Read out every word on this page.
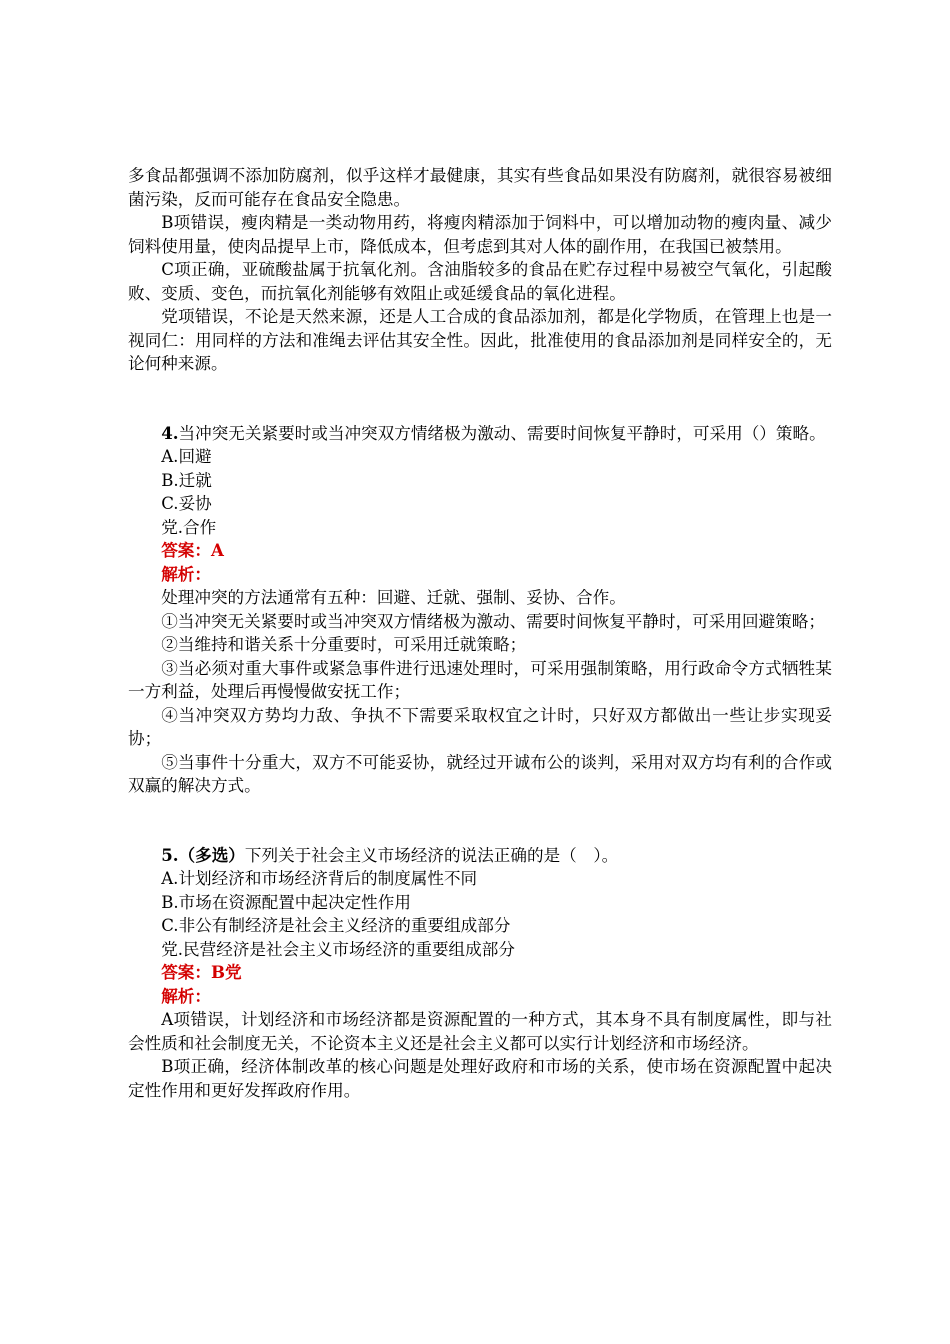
多食品都强调不添加防腐剂，似乎这样才最健康，其实有些食品如果没有防腐剂，就很容易被细菌污染，反而可能存在食品安全隐患。

B项错误，瘦肉精是一类动物用药，将瘦肉精添加于饲料中，可以增加动物的瘦肉量、减少饲料使用量，使肉品提早上市，降低成本，但考虑到其对人体的副作用，在我国已被禁用。

C项正确，亚硫酸盐属于抗氧化剂。含油脂较多的食品在贮存过程中易被空气氧化，引起酸败、变质、变色，而抗氧化剂能够有效阻止或延缓食品的氧化进程。

党项错误，不论是天然来源，还是人工合成的食品添加剂，都是化学物质，在管理上也是一视同仁：用同样的方法和准绳去评估其安全性。因此，批准使用的食品添加剂是同样安全的，无论何种来源。

4.当冲突无关紧要时或当冲突双方情绪极为激动、需要时间恢复平静时，可采用（）策略。

A.回避

B.迁就

C.妥协

党.合作

答案：A

解析：

处理冲突的方法通常有五种：回避、迁就、强制、妥协、合作。

①当冲突无关紧要时或当冲突双方情绪极为激动、需要时间恢复平静时，可采用回避策略；

②当维持和谐关系十分重要时，可采用迁就策略；

③当必须对重大事件或紧急事件进行迅速处理时，可采用强制策略，用行政命令方式牺牲某一方利益，处理后再慢慢做安抚工作；

④当冲突双方势均力敌、争执不下需要采取权宜之计时，只好双方都做出一些让步实现妥协；

⑤当事件十分重大，双方不可能妥协，就经过开诚布公的谈判，采用对双方均有利的合作或双赢的解决方式。

5.（多选）下列关于社会主义市场经济的说法正确的是（　）。

A.计划经济和市场经济背后的制度属性不同

B.市场在资源配置中起决定性作用

C.非公有制经济是社会主义经济的重要组成部分

党.民营经济是社会主义市场经济的重要组成部分

答案：B党

解析：

A项错误，计划经济和市场经济都是资源配置的一种方式，其本身不具有制度属性，即与社会性质和社会制度无关，不论资本主义还是社会主义都可以实行计划经济和市场经济。

B项正确，经济体制改革的核心问题是处理好政府和市场的关系，使市场在资源配置中起决定性作用和更好发挥政府作用。
